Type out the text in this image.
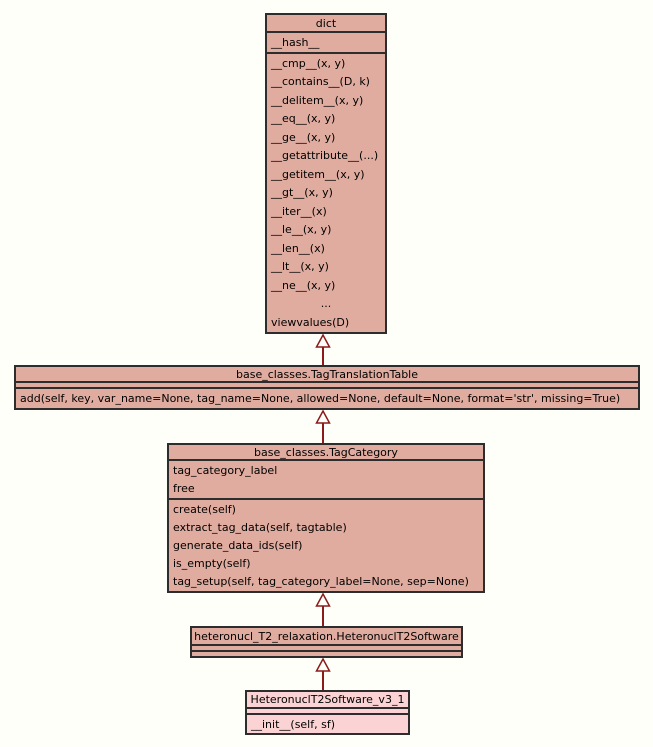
dict
__hash__
__cmp__(x, y)
__contains__(D, k)
__delitem__(x, y)
__eq__(x, y)
__ge__(x, y)
__getattribute__(...)
__getitem__(x, y)
__gt__(x, y)
__iter__(x)
__le__(x, y)
__len__(x)
__lt__(x, y)
__ne__(x, y)
...
viewvalues(D)
base_classes.TagTranslationTable
add(self, key, var_name=None, tag_name=None, allowed=None, default=None, format='str', missing=True)
base_classes.TagCategory
tag_category_label
free
create(self)
extract_tag_data(self, tagtable)
generate_data_ids(self)
is_empty(self)
tag_setup(self, tag_category_label=None, sep=None)
heteronucl_T2_relaxation.HeteronuclT2Software
HeteronuclT2Software_v3_1
__init__(self, sf)
